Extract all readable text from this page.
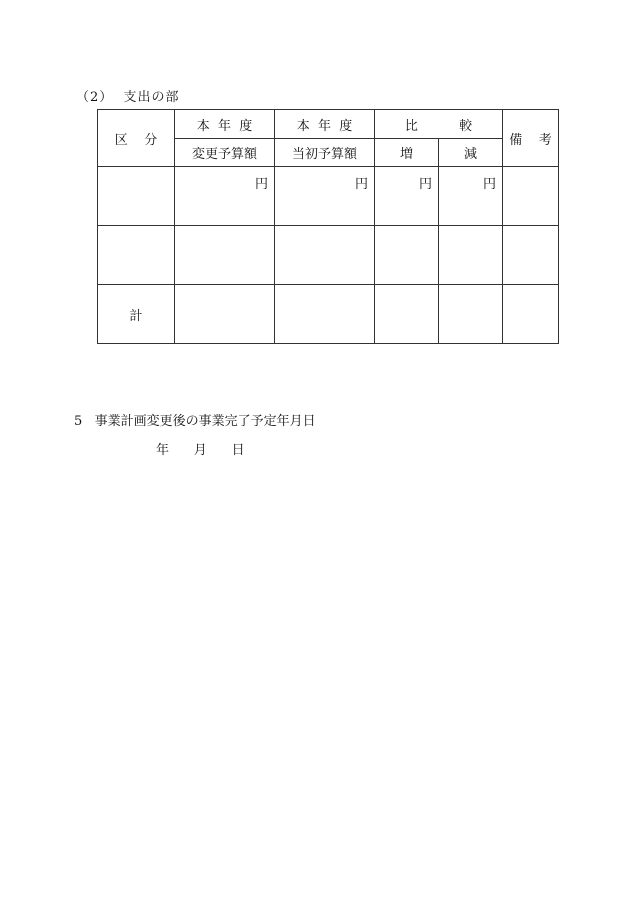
（2）  支出の部
区    分	本  年  度	本  年  度	比          較		備    考
	変更予算額	当初予算額	増	減	
	円	円	円	円	

計					
5   事業計画変更後の事業完了予定年月日
年      月      日
